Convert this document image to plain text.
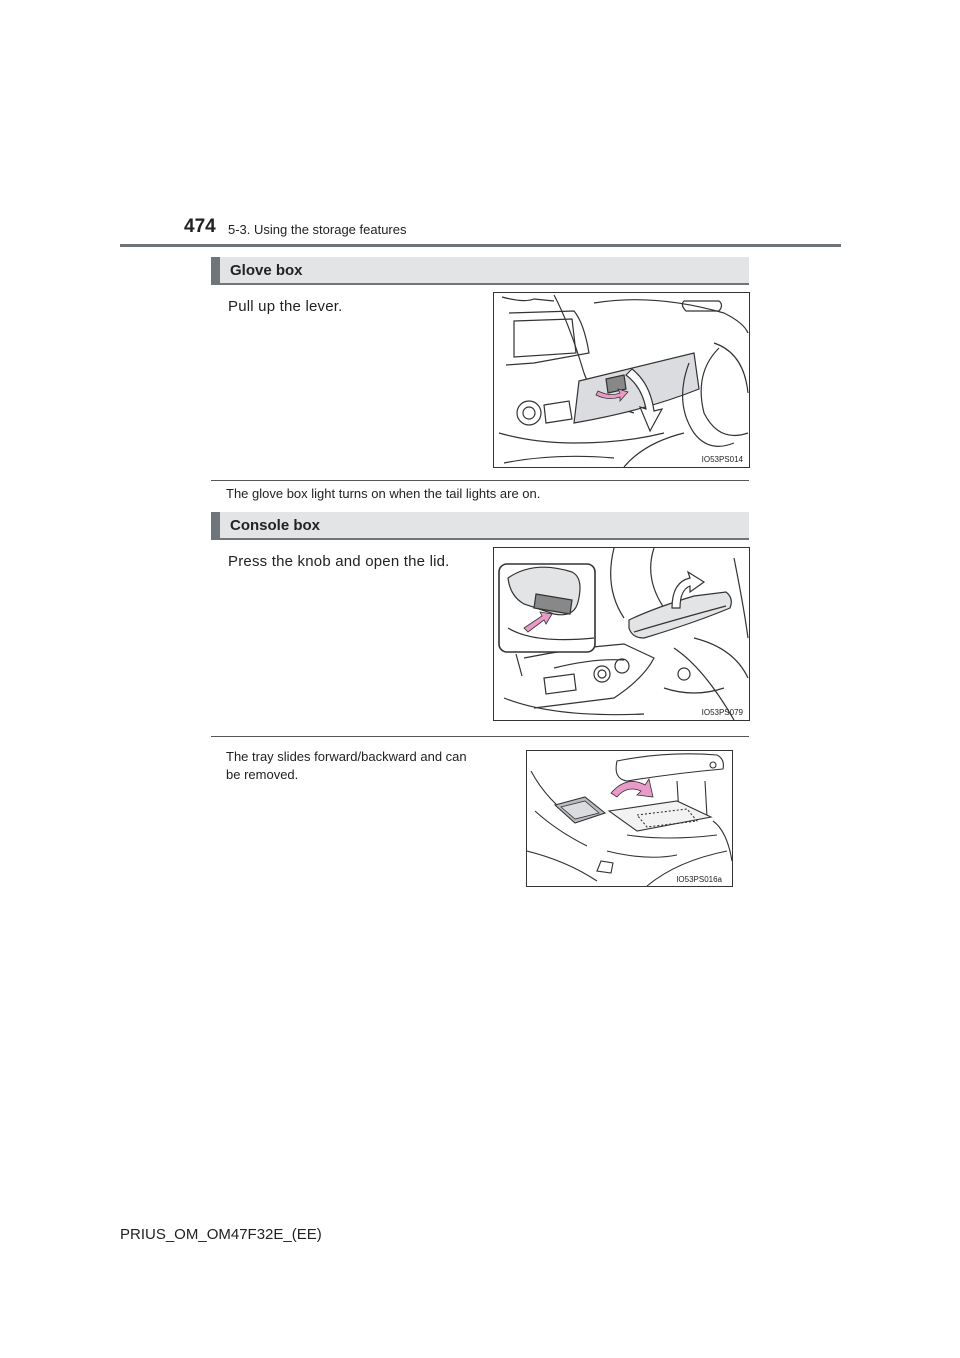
474 5-3. Using the storage features
Glove box
Pull up the lever.
IO53PS014
The glove box light turns on when the tail lights are on.
Console box
Press the knob and open the lid.
IO53PS079
The tray slides forward/backward and can
be removed.
IO53PS016a
PRIUS_OM_OM47F32E_(EE)
